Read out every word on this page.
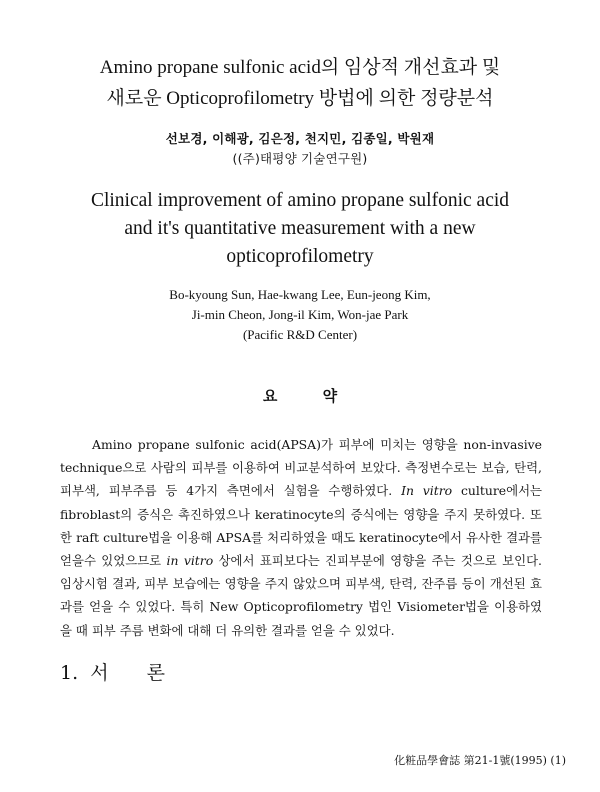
Amino propane sulfonic acid의 임상적 개선효과 및
새로운 Opticoprofilometry 방법에 의한 정량분석
선보경, 이해광, 김은정, 천지민, 김종일, 박원재
((주)태평양 기술연구원)
Clinical improvement of amino propane sulfonic acid
and it's quantitative measurement with a new
opticoprofilometry
Bo-kyoung Sun, Hae-kwang Lee, Eun-jeong Kim,
Ji-min Cheon, Jong-il Kim, Won-jae Park
(Pacific R&D Center)
요 약
Amino propane sulfonic acid(APSA)가 피부에 미치는 영향을 non-invasive technique으로 사람의 피부를 이용하여 비교분석하여 보았다. 측정변수로는 보습, 탄력, 피부색, 피부주름 등 4가지 측면에서 실험을 수행하였다. In vitro culture에서는 fibroblast의 증식은 촉진하였으나 keratinocyte의 증식에는 영향을 주지 못하였다. 또한 raft culture법을 이용해 APSA를 처리하였을 때도 keratinocyte에서 유사한 결과를 얻을수 있었으므로 in vitro 상에서 표피보다는 진피부분에 영향을 주는 것으로 보인다. 임상시험 결과, 피부 보습에는 영향을 주지 않았으며 피부색, 탄력, 잔주름 등이 개선된 효과를 얻을 수 있었다. 특히 New Opticoprofilometry 법인 Visiometer법을 이용하였을 때 피부 주름 변화에 대해 더 유의한 결과를 얻을 수 있었다.
1. 서 론
化粧品學會誌 第21-1號(1995) (1)
